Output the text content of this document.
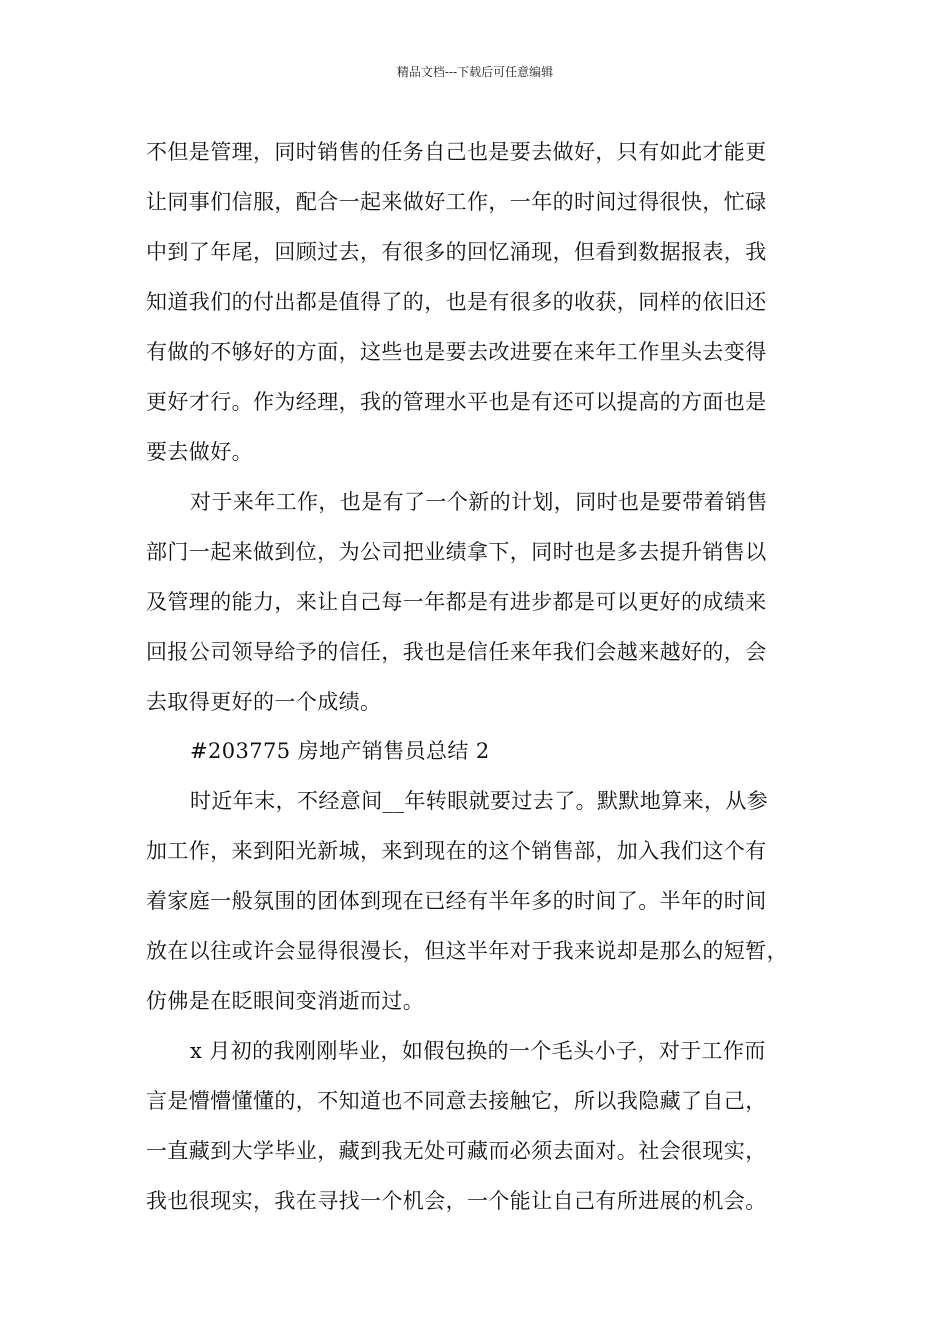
精品文档---下载后可任意编辑
不但是管理，同时销售的任务自己也是要去做好，只有如此才能更
让同事们信服，配合一起来做好工作，一年的时间过得很快，忙碌
中到了年尾，回顾过去，有很多的回忆涌现，但看到数据报表，我
知道我们的付出都是值得了的，也是有很多的收获，同样的依旧还
有做的不够好的方面，这些也是要去改进要在来年工作里头去变得
更好才行。作为经理，我的管理水平也是有还可以提高的方面也是
要去做好。
对于来年工作，也是有了一个新的计划，同时也是要带着销售
部门一起来做到位，为公司把业绩拿下，同时也是多去提升销售以
及管理的能力，来让自己每一年都是有进步都是可以更好的成绩来
回报公司领导给予的信任，我也是信任来年我们会越来越好的，会
去取得更好的一个成绩。
#203775 房地产销售员总结 2
时近年末，不经意间__年转眼就要过去了。默默地算来，从参
加工作，来到阳光新城，来到现在的这个销售部，加入我们这个有
着家庭一般氛围的团体到现在已经有半年多的时间了。半年的时间
放在以往或许会显得很漫长，但这半年对于我来说却是那么的短暂，
仿佛是在眨眼间变消逝而过。
x 月初的我刚刚毕业，如假包换的一个毛头小子，对于工作而
言是懵懵懂懂的，不知道也不同意去接触它，所以我隐藏了自己，
一直藏到大学毕业，藏到我无处可藏而必须去面对。社会很现实，
我也很现实，我在寻找一个机会，一个能让自己有所进展的机会。
